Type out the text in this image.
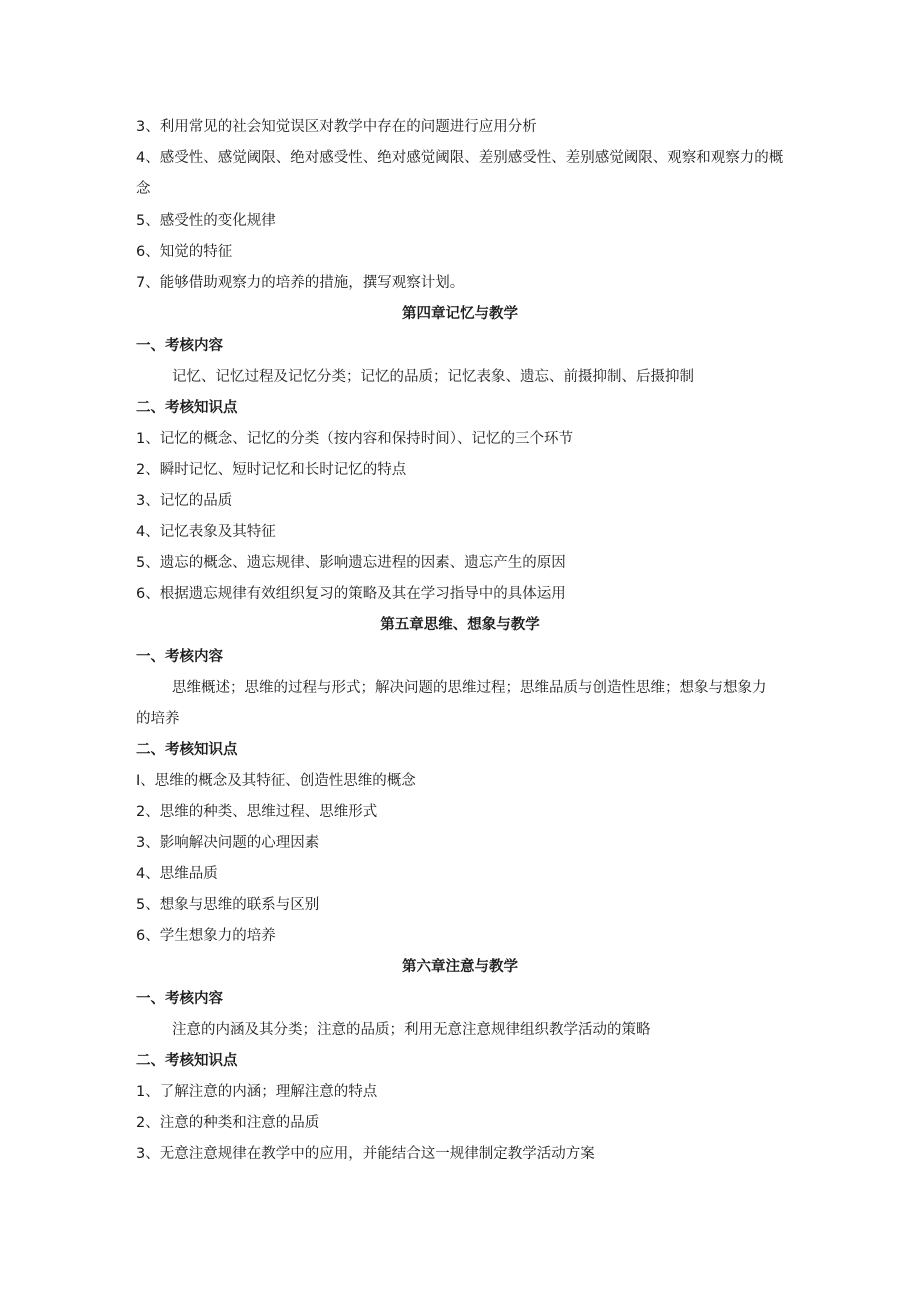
3、利用常见的社会知觉误区对教学中存在的问题进行应用分析
4、感受性、感觉阈限、绝对感受性、绝对感觉阈限、差别感受性、差别感觉阈限、观察和观察力的概念
5、感受性的变化规律
6、知觉的特征
7、能够借助观察力的培养的措施，撰写观察计划。
第四章记忆与教学
一、考核内容
记忆、记忆过程及记忆分类；记忆的品质；记忆表象、遗忘、前摄抑制、后摄抑制
二、考核知识点
1、记忆的概念、记忆的分类（按内容和保持时间）、记忆的三个环节
2、瞬时记忆、短时记忆和长时记忆的特点
3、记忆的品质
4、记忆表象及其特征
5、遗忘的概念、遗忘规律、影响遗忘进程的因素、遗忘产生的原因
6、根据遗忘规律有效组织复习的策略及其在学习指导中的具体运用
第五章思维、想象与教学
一、考核内容
思维概述；思维的过程与形式；解决问题的思维过程；思维品质与创造性思维；想象与想象力的培养
二、考核知识点
I、思维的概念及其特征、创造性思维的概念
2、思维的种类、思维过程、思维形式
3、影响解决问题的心理因素
4、思维品质
5、想象与思维的联系与区别
6、学生想象力的培养
第六章注意与教学
一、考核内容
注意的内涵及其分类；注意的品质；利用无意注意规律组织教学活动的策略
二、考核知识点
1、了解注意的内涵；理解注意的特点
2、注意的种类和注意的品质
3、无意注意规律在教学中的应用，并能结合这一规律制定教学活动方案
